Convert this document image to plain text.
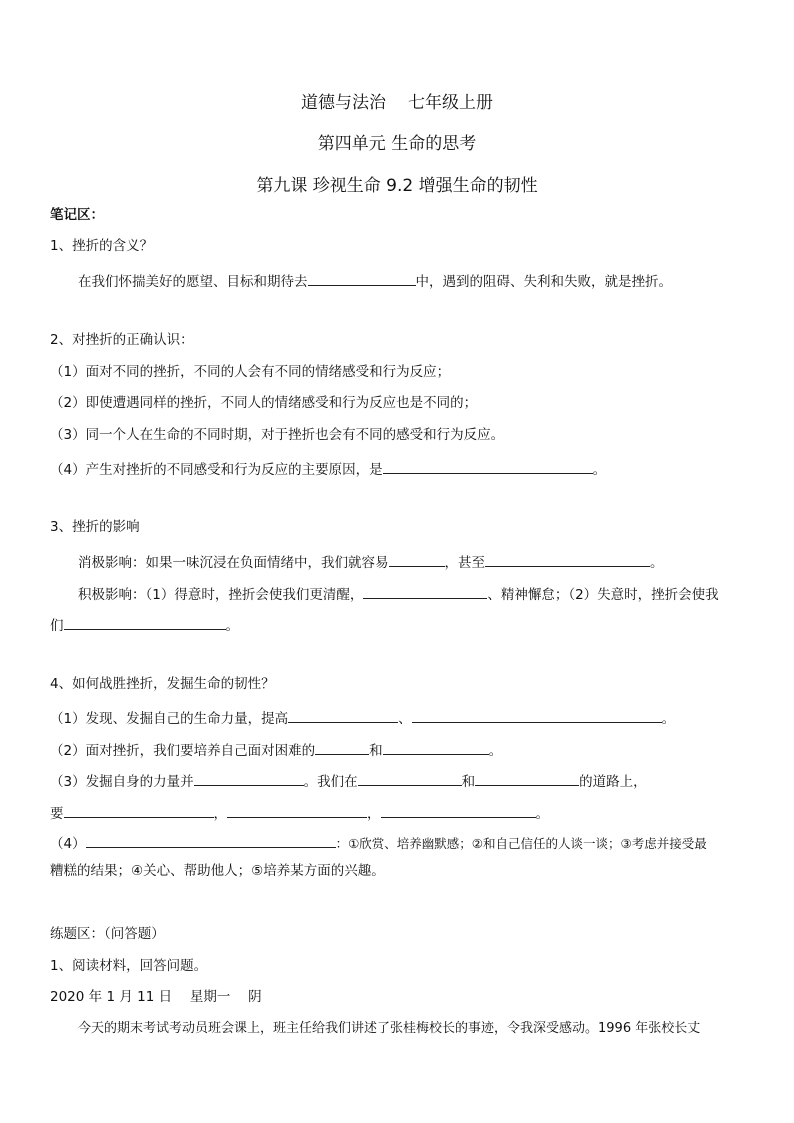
道德与法治 七年级上册
第四单元 生命的思考
第九课 珍视生命 9.2 增强生命的韧性
笔记区：
1、挫折的含义？
在我们怀揣美好的愿望、目标和期待去	中，遇到的阻碍、失利和失败，就是挫折。
2、对挫折的正确认识：
（1）面对不同的挫折，不同的人会有不同的情绪感受和行为反应；
（2）即使遭遇同样的挫折，不同人的情绪感受和行为反应也是不同的；
（3）同一个人在生命的不同时期，对于挫折也会有不同的感受和行为反应。
（4）产生对挫折的不同感受和行为反应的主要原因，是	。
3、挫折的影响
消极影响：如果一味沉浸在负面情绪中，我们就容易	，甚至	。
积极影响：（1）得意时，挫折会使我们更清醒，	、精神懈怠；（2）失意时，挫折会使我
们	。
4、如何战胜挫折，发掘生命的韧性？
（1）发现、发掘自己的生命力量，提高	、	。
（2）面对挫折，我们要培养自己面对困难的	和	。
（3）发掘自身的力量并	。我们在	和	的道路上，
要	，	，	。
（4）	：①欣赏、培养幽默感；②和自己信任的人谈一谈；③考虑并接受最
糟糕的结果；④关心、帮助他人；⑤培养某方面的兴趣。
练题区：（问答题）
1、阅读材料，回答问题。
2020 年 1 月 11 日　 星期一　 阴
今天的期末考试考动员班会课上，班主任给我们讲述了张桂梅校长的事迹，令我深受感动。1996 年张校长丈
